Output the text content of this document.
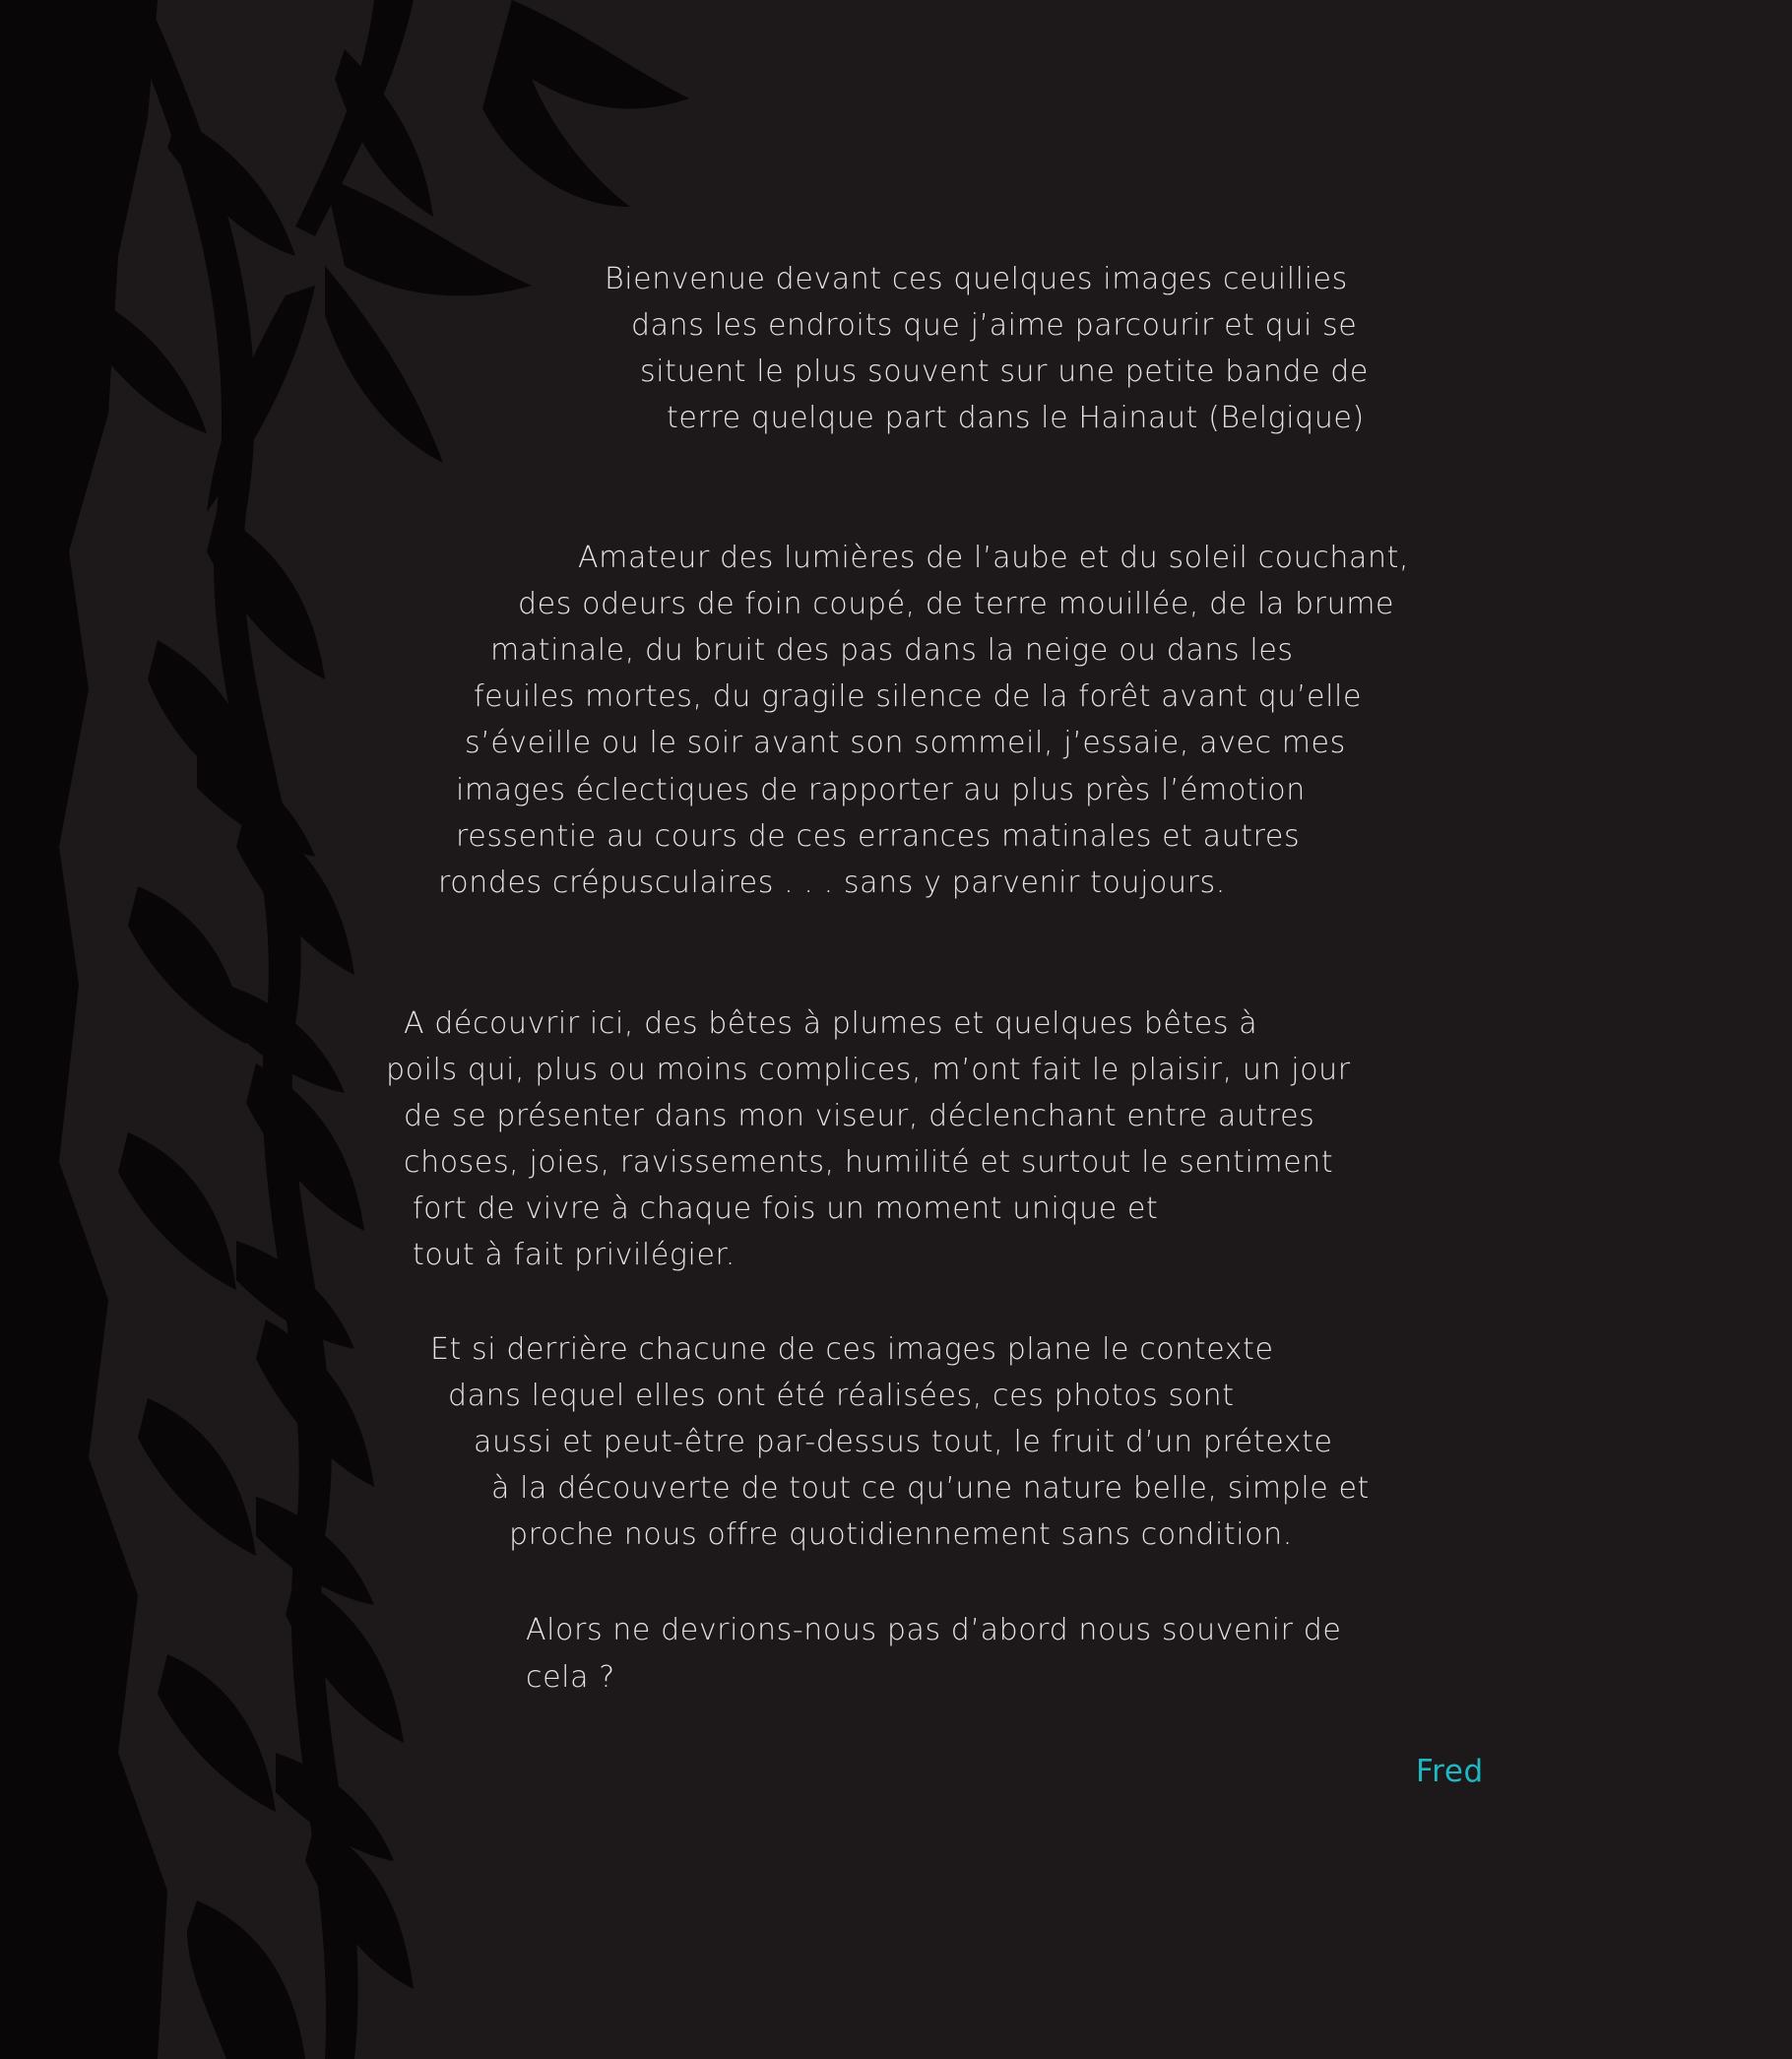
Bienvenue devant ces quelques images ceuillies

dans les endroits que j’aime parcourir et qui se

situent le plus souvent sur une petite bande de

terre quelque part dans le Hainaut (Belgique)

Amateur des lumières de l’aube et du soleil couchant,

des odeurs de foin coupé, de terre mouillée, de la brume

matinale, du bruit des pas dans la neige ou dans les

feuiles mortes, du gragile silence de la forêt avant qu’elle

s’éveille ou le soir avant son sommeil, j’essaie, avec mes

images éclectiques de rapporter au plus près l’émotion

ressentie au cours de ces errances matinales et autres

rondes crépusculaires . . . sans y parvenir toujours.

A découvrir ici, des bêtes à plumes et quelques bêtes à

poils qui, plus ou moins complices, m’ont fait le plaisir, un jour

de se présenter dans mon viseur, déclenchant entre autres

choses, joies, ravissements, humilité et surtout le sentiment

fort de vivre à chaque fois un moment unique et

tout à fait privilégier.

Et si derrière chacune de ces images plane le contexte

dans lequel elles ont été réalisées, ces photos sont

aussi et peut-être par-dessus tout, le fruit d’un prétexte

à la découverte de tout ce qu’une nature belle, simple et

proche nous offre quotidiennement sans condition.

Alors ne devrions-nous pas d’abord nous souvenir de

cela ?

Fred
